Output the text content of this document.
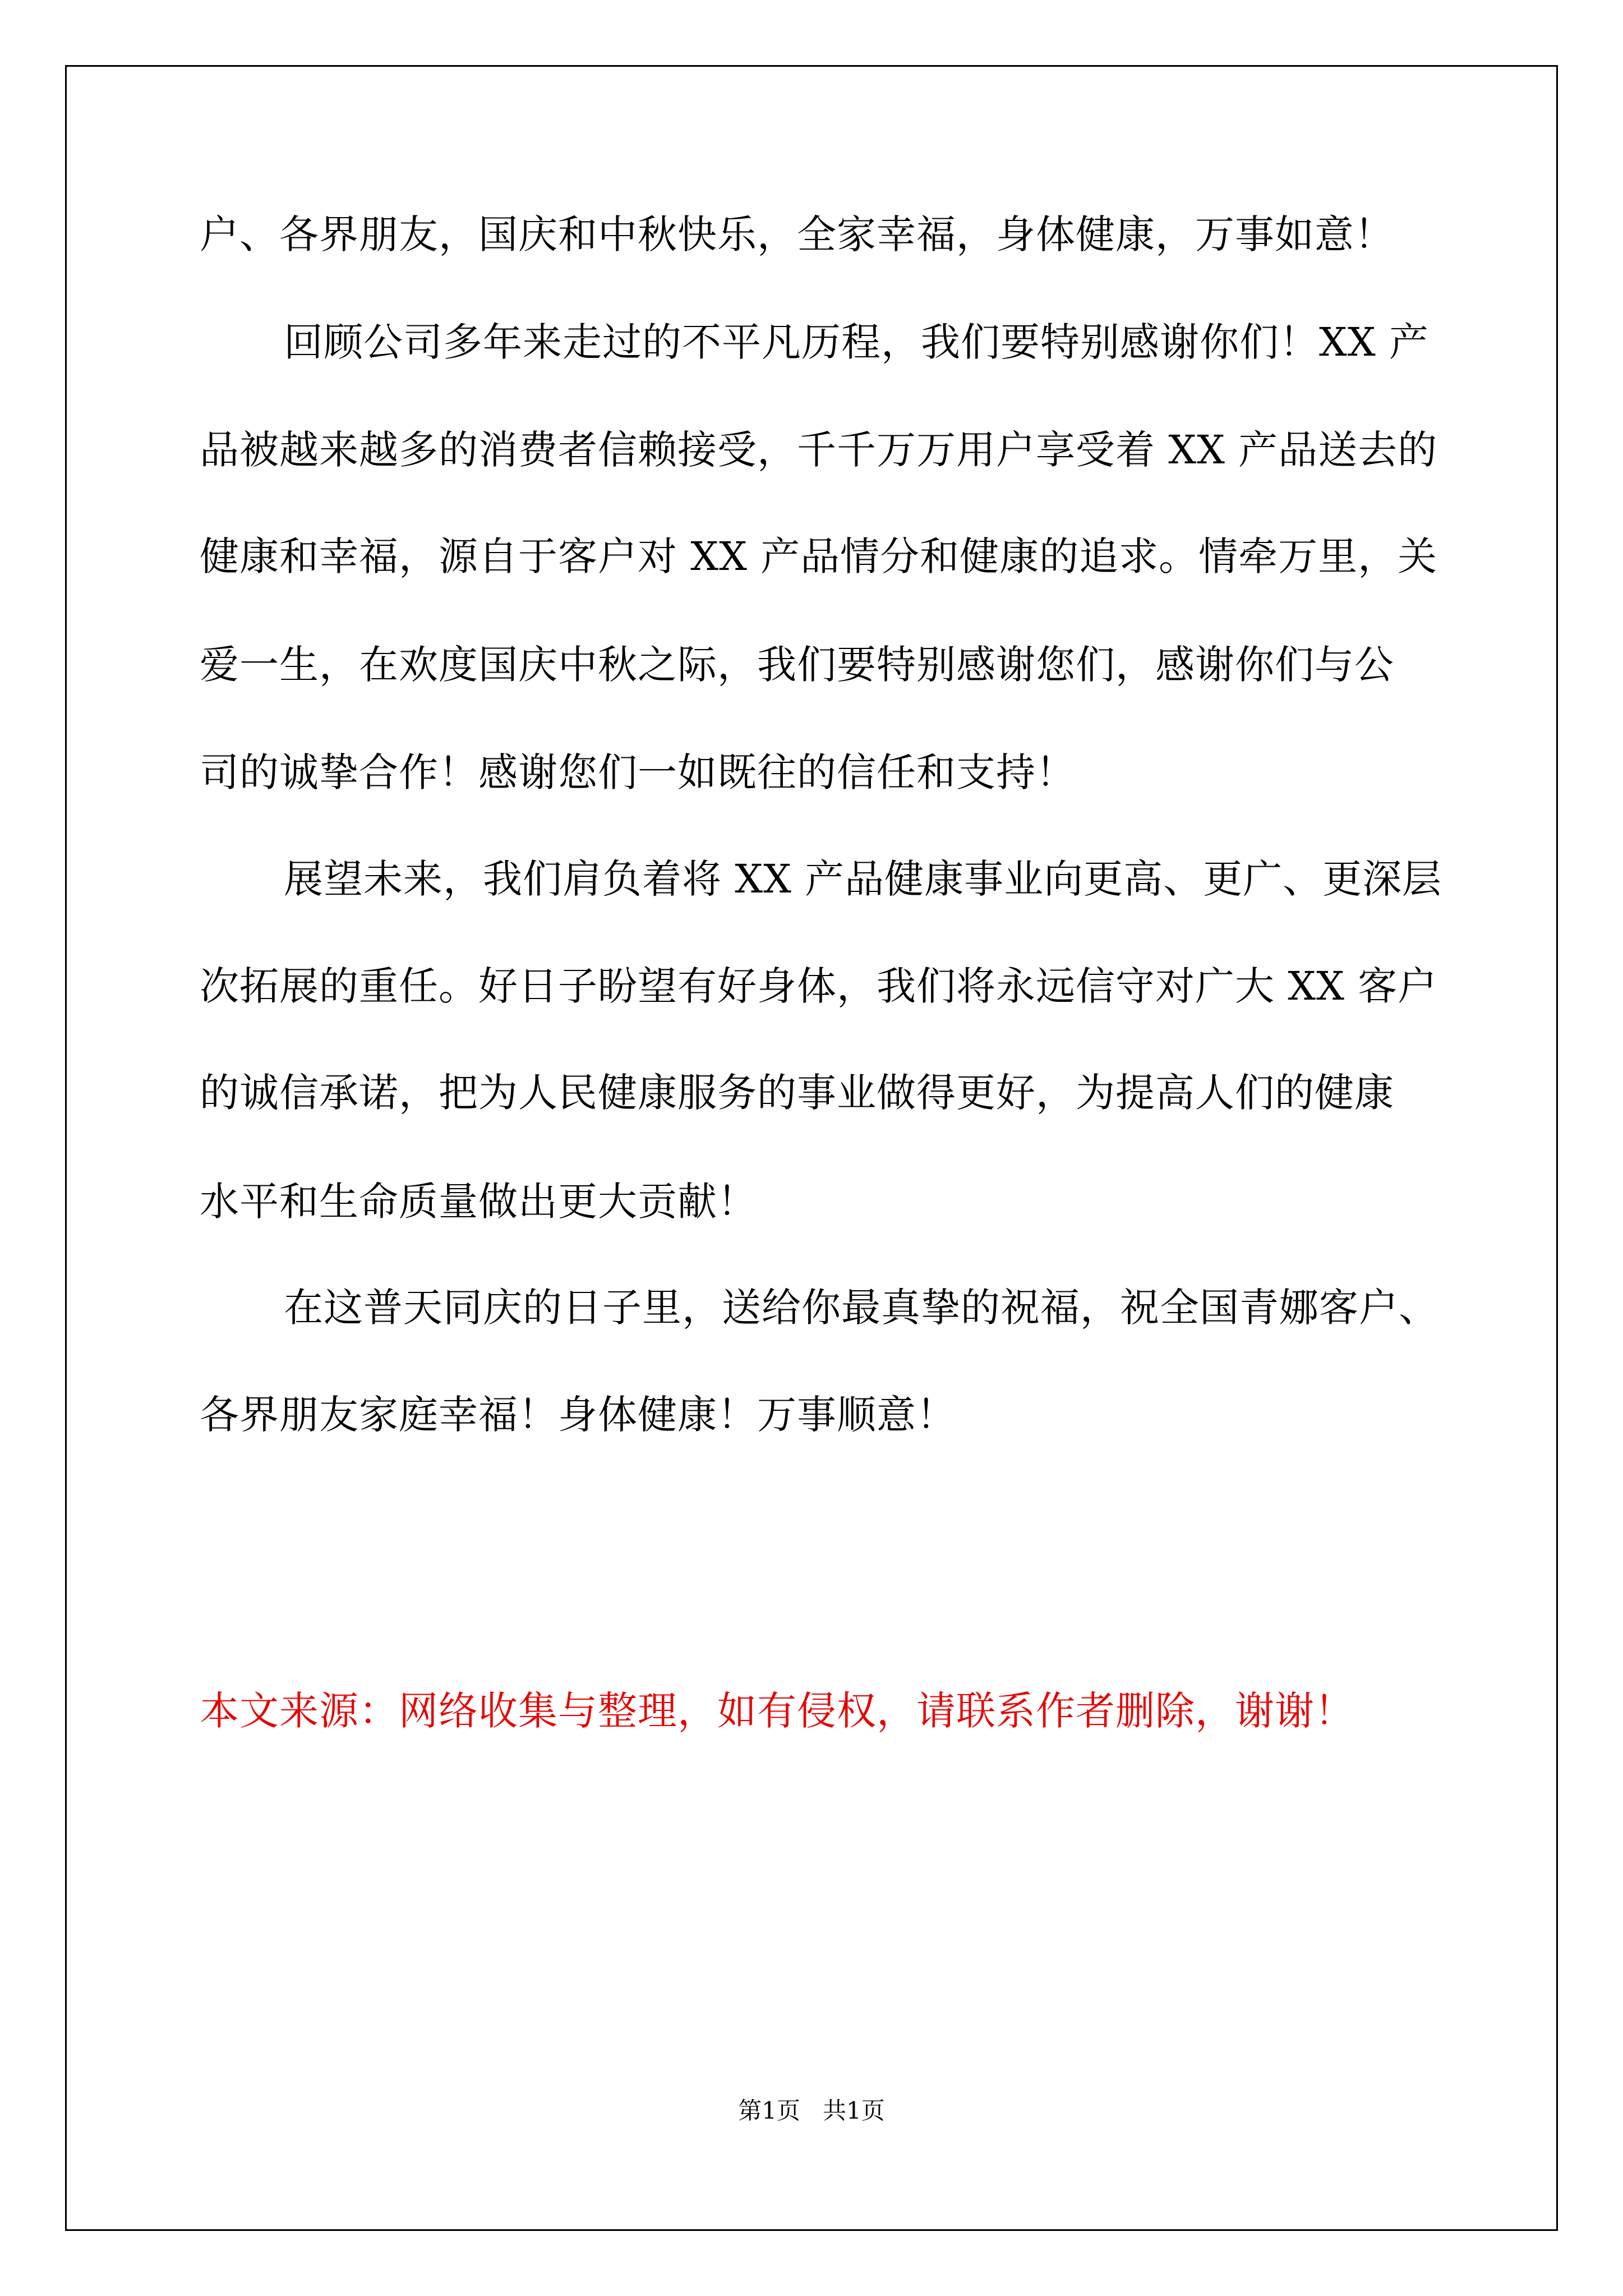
户、各界朋友，国庆和中秋快乐，全家幸福，身体健康，万事如意！
回顾公司多年来走过的不平凡历程，我们要特别感谢你们！XX 产
品被越来越多的消费者信赖接受，千千万万用户享受着 XX 产品送去的
健康和幸福，源自于客户对 XX 产品情分和健康的追求。情牵万里，关
爱一生，在欢度国庆中秋之际，我们要特别感谢您们，感谢你们与公
司的诚挚合作！感谢您们一如既往的信任和支持！
展望未来，我们肩负着将 XX 产品健康事业向更高、更广、更深层
次拓展的重任。好日子盼望有好身体，我们将永远信守对广大 XX 客户
的诚信承诺，把为人民健康服务的事业做得更好，为提高人们的健康
水平和生命质量做出更大贡献！
在这普天同庆的日子里，送给你最真挚的祝福，祝全国青娜客户、
各界朋友家庭幸福！身体健康！万事顺意！
本文来源：网络收集与整理，如有侵权，请联系作者删除，谢谢！
第1页   共1页
